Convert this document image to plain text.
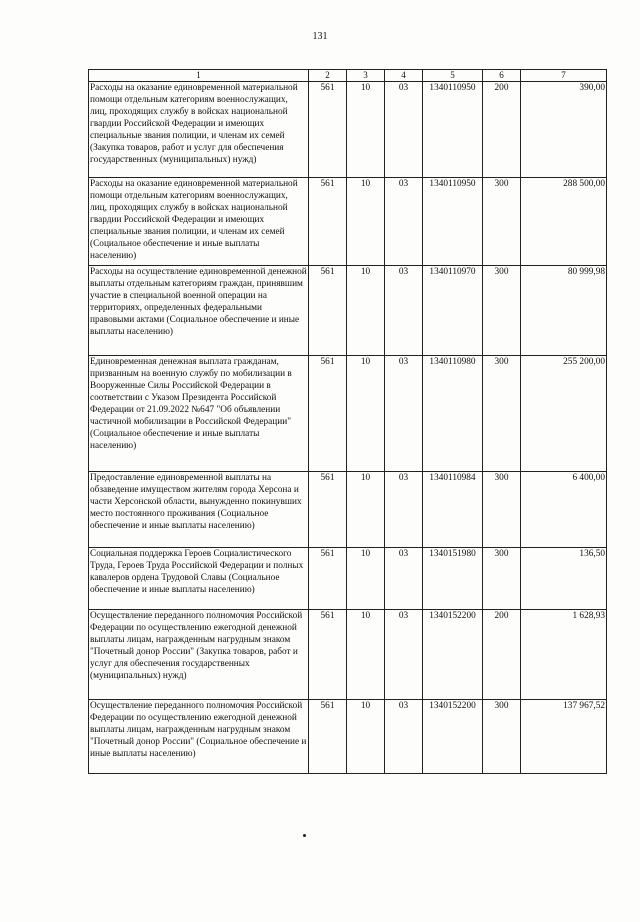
131
1	2	3	4	5	6	7
Расходы на оказание единовременной материальной помощи отдельным категориям военнослужащих, лиц, проходящих службу в войсках национальной гвардии Российской Федерации и имеющих специальные звания полиции, и членам их семей (Закупка товаров, работ и услуг для обеспечения государственных (муниципальных) нужд)	561	10	03	1340110950	200	390,00
Расходы на оказание единовременной материальной помощи отдельным категориям военнослужащих, лиц, проходящих службу в войсках национальной гвардии Российской Федерации и имеющих специальные звания полиции, и членам их семей (Социальное обеспечение и иные выплаты населению)	561	10	03	1340110950	300	288 500,00
Расходы на осуществление единовременной денежной выплаты отдельным категориям граждан, принявшим участие в специальной военной операции на территориях, определенных федеральными правовыми актами (Социальное обеспечение и иные выплаты населению)	561	10	03	1340110970	300	80 999,98
Единовременная денежная выплата гражданам, призванным на военную службу по мобилизации в Вооруженные Силы Российской Федерации в соответствии с Указом Президента Российской Федерации от 21.09.2022 №647 "Об объявлении частичной мобилизации в Российской Федерации" (Социальное обеспечение и иные выплаты населению)	561	10	03	1340110980	300	255 200,00
Предоставление единовременной выплаты на обзаведение имуществом жителям города Херсона и части Херсонской области, вынужденно покинувших место постоянного проживания (Социальное обеспечение и иные выплаты населению)	561	10	03	1340110984	300	6 400,00
Социальная поддержка Героев Социалистического Труда, Героев Труда Российской Федерации и полных кавалеров ордена Трудовой Славы (Социальное обеспечение и иные выплаты населению)	561	10	03	1340151980	300	136,50
Осуществление переданного полномочия Российской Федерации по осуществлению ежегодной денежной выплаты лицам, награжденным нагрудным знаком "Почетный донор России" (Закупка товаров, работ и услуг для обеспечения государственных (муниципальных) нужд)	561	10	03	1340152200	200	1 628,93
Осуществление переданного полномочия Российской Федерации по осуществлению ежегодной денежной выплаты лицам, награжденным нагрудным знаком "Почетный донор России" (Социальное обеспечение и иные выплаты населению)	561	10	03	1340152200	300	137 967,52
